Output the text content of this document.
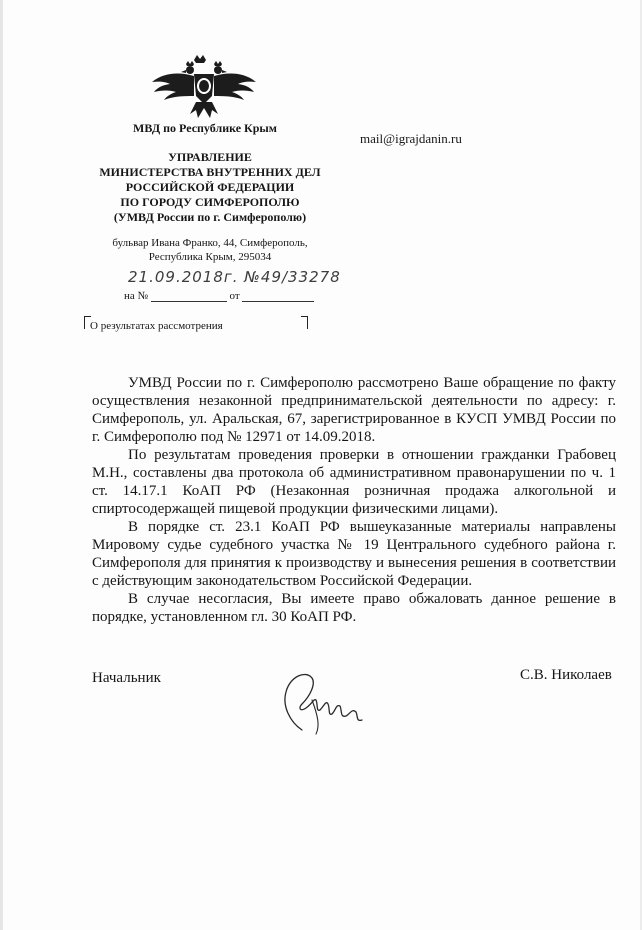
МВД по Республике Крым
УПРАВЛЕНИЕ
МИНИСТЕРСТВА ВНУТРЕННИХ ДЕЛ
РОССИЙСКОЙ ФЕДЕРАЦИИ
ПО ГОРОДУ СИМФЕРОПОЛЮ
(УМВД России по г. Симферополю)
бульвар Ивана Франко, 44, Симферополь,
Республика Крым, 295034
21.09.2018г. №49/33278
на №	от
О результатах рассмотрения
mail@igrajdanin.ru

УМВД России по г. Симферополю рассмотрено Ваше обращение по факту осуществления незаконной предпринимательской деятельности по адресу: г. Симферополь, ул. Аральская, 67, зарегистрированное в КУСП УМВД России по г. Симферополю под № 12971 от 14.09.2018.

По результатам проведения проверки в отношении гражданки Грабовец М.Н., составлены два протокола об административном правонарушении по ч. 1 ст. 14.17.1 КоАП РФ (Незаконная розничная продажа алкогольной и спиртосодержащей пищевой продукции физическими лицами).

В порядке ст. 23.1 КоАП РФ вышеуказанные материалы направлены Мировому судье судебного участка № 19 Центрального судебного района г. Симферополя для принятия к производству и вынесения решения в соответствии с действующим законодательством Российской Федерации.

В случае несогласия, Вы имеете право обжаловать данное решение в порядке, установленном гл. 30 КоАП РФ.

Начальник	С.В. Николаев
